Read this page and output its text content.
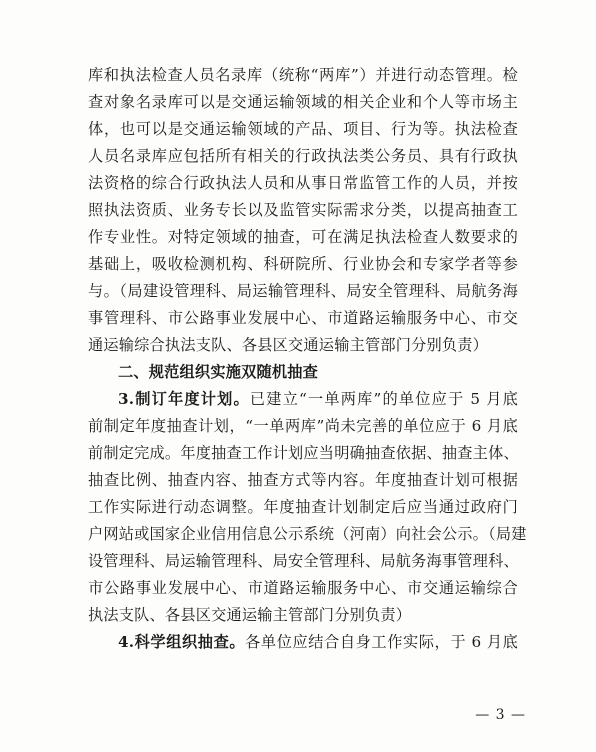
库和执法检查人员名录库（统称“两库”）并进行动态管理。检
查对象名录库可以是交通运输领域的相关企业和个人等市场主
体，也可以是交通运输领域的产品、项目、行为等。执法检查
人员名录库应包括所有相关的行政执法类公务员、具有行政执
法资格的综合行政执法人员和从事日常监管工作的人员，并按
照执法资质、业务专长以及监管实际需求分类，以提高抽查工
作专业性。对特定领域的抽查，可在满足执法检查人数要求的
基础上，吸收检测机构、科研院所、行业协会和专家学者等参
与。（局建设管理科、局运输管理科、局安全管理科、局航务海
事管理科、市公路事业发展中心、市道路运输服务中心、市交
通运输综合执法支队、各县区交通运输主管部门分别负责）
二、规范组织实施双随机抽查
3.制订年度计划。已建立“一单两库”的单位应于 5 月底
前制定年度抽查计划，“一单两库”尚未完善的单位应于 6 月底
前制定完成。年度抽查工作计划应当明确抽查依据、抽查主体、
抽查比例、抽查内容、抽查方式等内容。年度抽查计划可根据
工作实际进行动态调整。年度抽查计划制定后应当通过政府门
户网站或国家企业信用信息公示系统（河南）向社会公示。（局建
设管理科、局运输管理科、局安全管理科、局航务海事管理科、
市公路事业发展中心、市道路运输服务中心、市交通运输综合
执法支队、各县区交通运输主管部门分别负责）
4.科学组织抽查。各单位应结合自身工作实际，于 6 月底
— 3 —
